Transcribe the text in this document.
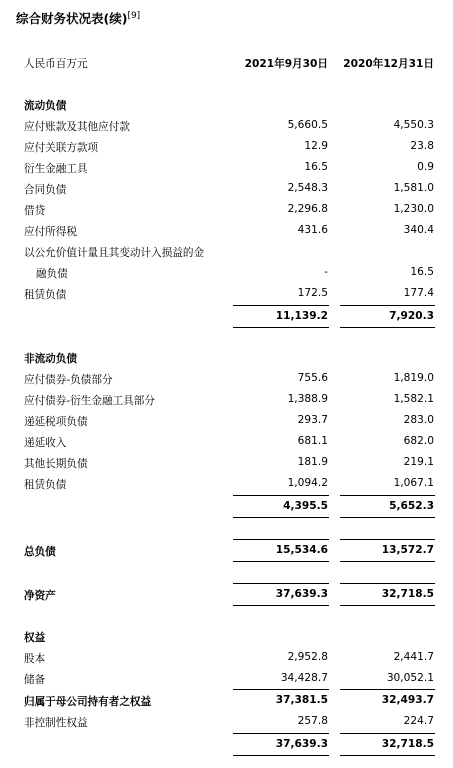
综合财务状况表(续)[9]
人民币百万元	2021年9月30日 2020年12月31日
流动负债
应付账款及其他应付款	5,660.5	4,550.3
应付关联方款项	12.9	23.8
衍生金融工具	16.5	0.9
合同负债	2,548.3	1,581.0
借贷	2,296.8	1,230.0
应付所得税	431.6	340.4
以公允价值计量且其变动计入损益的金
融负债	-	16.5
租赁负债	172.5	177.4
11,139.2	7,920.3
非流动负债
应付债券-负债部分	755.6	1,819.0
应付债券-衍生金融工具部分	1,388.9	1,582.1
递延税项负债	293.7	283.0
递延收入	681.1	682.0
其他长期负债	181.9	219.1
租赁负债	1,094.2	1,067.1
4,395.5	5,652.3
总负债	15,534.6	13,572.7
净资产	37,639.3	32,718.5
权益
股本	2,952.8	2,441.7
储备	34,428.7	30,052.1
归属于母公司持有者之权益	37,381.5	32,493.7
非控制性权益	257.8	224.7
37,639.3	32,718.5
